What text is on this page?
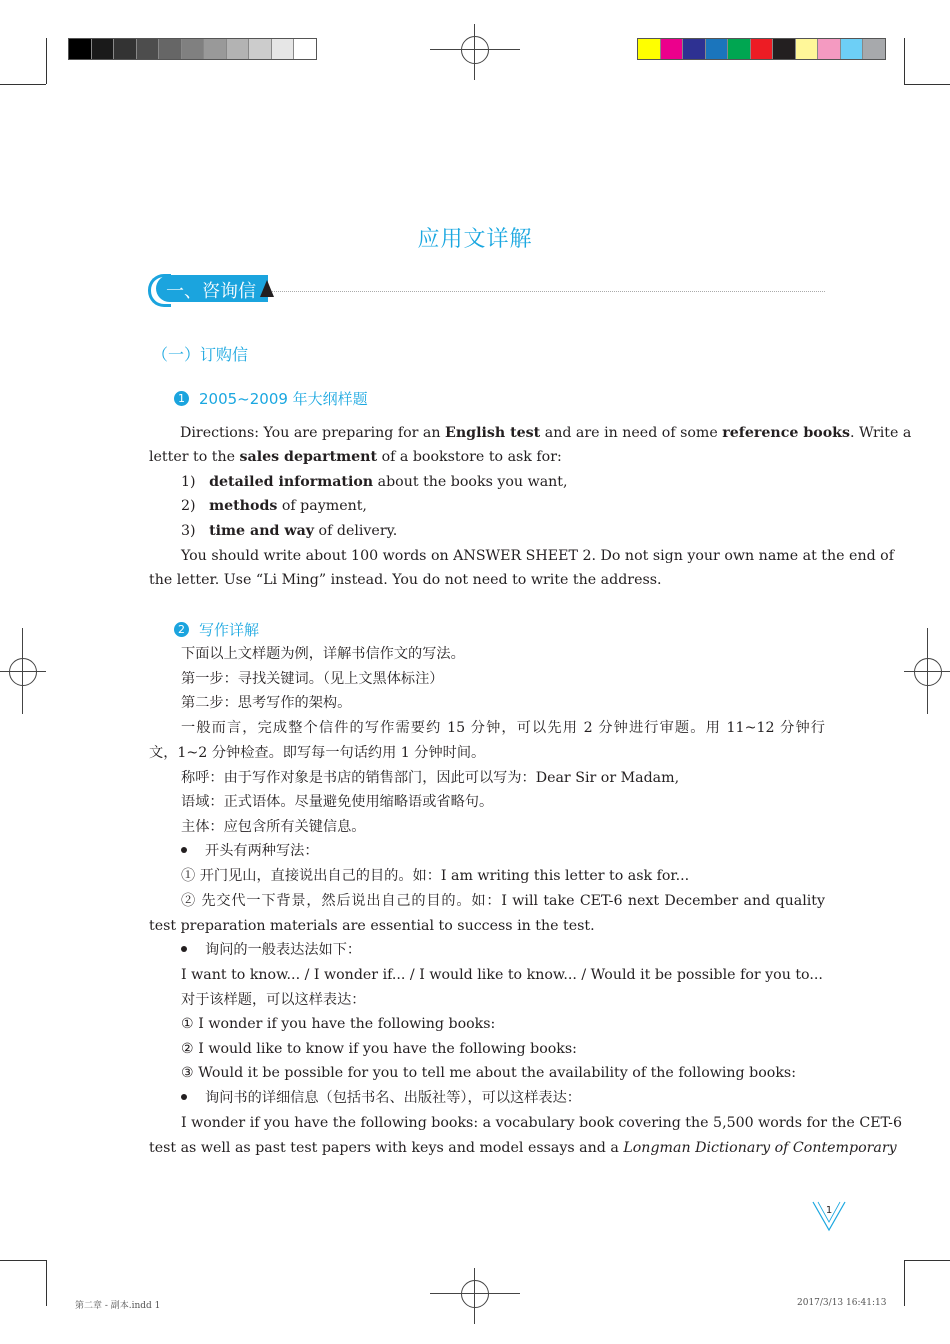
应用文详解
一、咨询信
（一）订购信
1 2005~2009 年大纲样题
Directions: You are preparing for an English test and are in need of some reference books. Write a
letter to the sales department of a bookstore to ask for:
1) detailed information about the books you want,
2) methods of payment,
3) time and way of delivery.
You should write about 100 words on ANSWER SHEET 2. Do not sign your own name at the end of
the letter. Use “Li Ming” instead. You do not need to write the address.
2 写作详解
下面以上文样题为例，详解书信作文的写法。
第一步：寻找关键词。（见上文黑体标注）
第二步：思考写作的架构。
一般而言，完成整个信件的写作需要约 15 分钟，可以先用 2 分钟进行审题。用 11~12 分钟行
文，1~2 分钟检查。即写每一句话约用 1 分钟时间。
称呼：由于写作对象是书店的销售部门，因此可以写为：Dear Sir or Madam,
语域：正式语体。尽量避免使用缩略语或省略句。
主体：应包含所有关键信息。
开头有两种写法：
① 开门见山，直接说出自己的目的。如：I am writing this letter to ask for...
② 先交代一下背景，然后说出自己的目的。如：I will take CET-6 next December and quality
test preparation materials are essential to success in the test.
询问的一般表达法如下：
I want to know... / I wonder if... / I would like to know... / Would it be possible for you to...
对于该样题，可以这样表达：
① I wonder if you have the following books:
② I would like to know if you have the following books:
③ Would it be possible for you to tell me about the availability of the following books:
询问书的详细信息（包括书名、出版社等），可以这样表达：
I wonder if you have the following books: a vocabulary book covering the 5,500 words for the CET-6
test as well as past test papers with keys and model essays and a Longman Dictionary of Contemporary
1
第二章 - 副本.indd 1	2017/3/13 16:41:13
